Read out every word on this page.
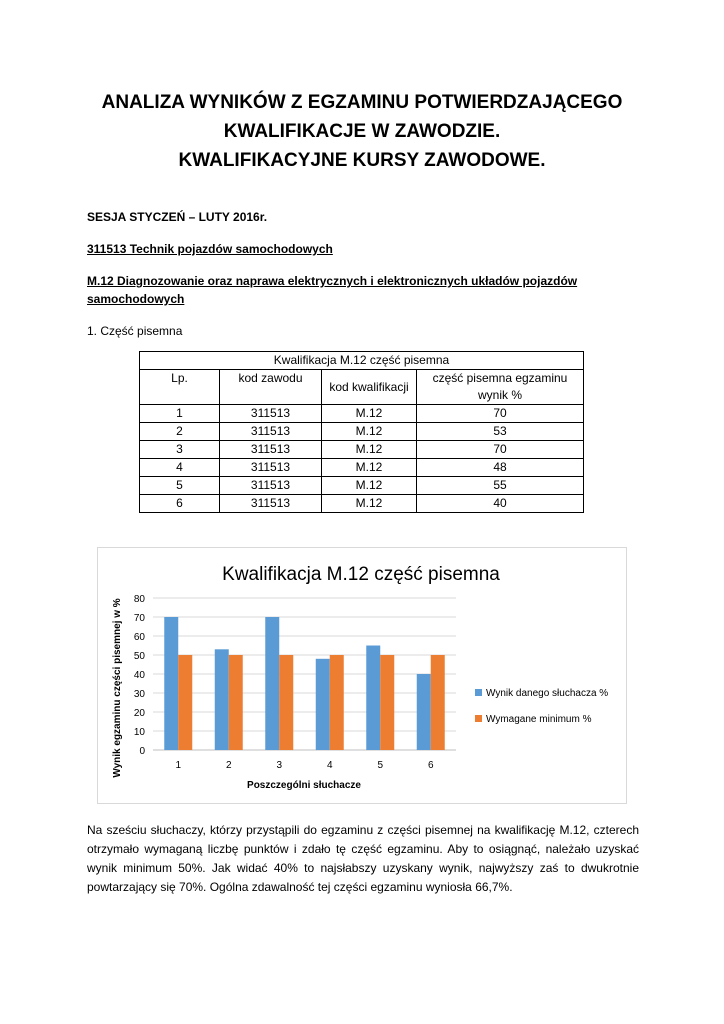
ANALIZA WYNIKÓW Z EGZAMINU POTWIERDZAJĄCEGO
KWALIFIKACJE W ZAWODZIE.
KWALIFIKACYJNE KURSY ZAWODOWE.
SESJA STYCZEŃ – LUTY 2016r.
311513 Technik pojazdów samochodowych
M.12 Diagnozowanie oraz naprawa elektrycznych i elektronicznych układów pojazdów
samochodowych
1. Część pisemna
Kwalifikacja M.12 część pisemna			
Lp.	kod zawodu	kod kwalifikacji	część pisemna egzaminu wynik %
1	311513	M.12	70
2	311513	M.12	53
3	311513	M.12	70
4	311513	M.12	48
5	311513	M.12	55
6	311513	M.12	40
Kwalifikacja M.12 część pisemna
Wynik egzaminu części pisemnej w %
Poszczególni słuchacze
0
10
20
30
40
50
60
70
80
1	2	3	4	5	6
Wynik danego słuchacza %
Wymagane minimum %
Na sześciu słuchaczy, którzy przystąpili do egzaminu z części pisemnej na kwalifikację M.12, czterech otrzymało wymaganą liczbę punktów i zdało tę część egzaminu. Aby to osiągnąć, należało uzyskać wynik minimum 50%. Jak widać 40% to najsłabszy uzyskany wynik, najwyższy zaś to dwukrotnie powtarzający się 70%. Ogólna zdawalność tej części egzaminu wyniosła 66,7%.
